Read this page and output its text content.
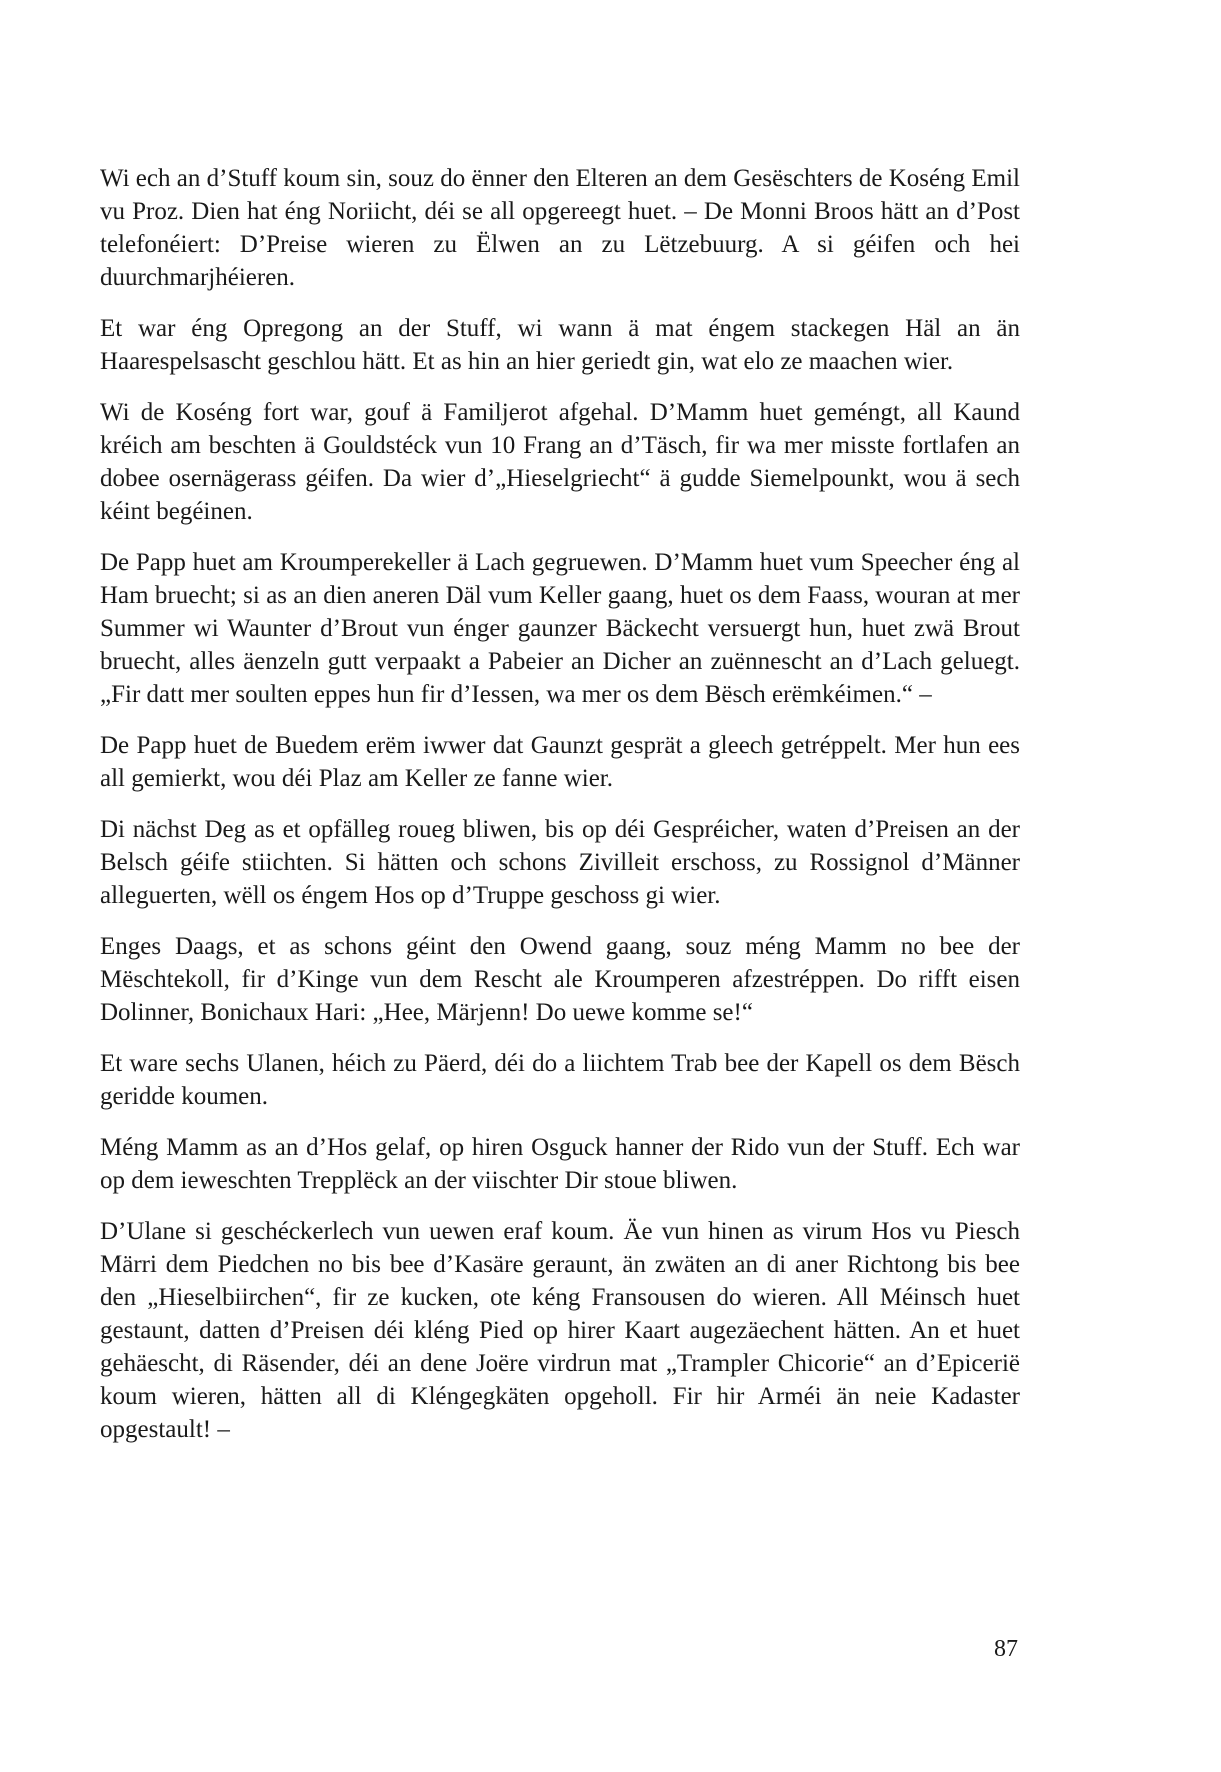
Wi ech an d’Stuff koum sin, souz do ënner den Elteren an dem Gesëschters de Koséng Emil vu Proz. Dien hat éng Noriicht, déi se all opgereegt huet. – De Monni Broos hätt an d’Post telefonéiert: D’Preise wieren zu Ëlwen an zu Lëtzebuurg. A si géifen och hei duurchmarjhéieren.

Et war éng Opregong an der Stuff, wi wann ä mat éngem stackegen Häl an än Haarespelsascht geschlou hätt. Et as hin an hier geriedt gin, wat elo ze maachen wier.

Wi de Koséng fort war, gouf ä Familjerot afgehal. D’Mamm huet geméngt, all Kaund kréich am beschten ä Gouldstéck vun 10 Frang an d’Täsch, fir wa mer misste fortlafen an dobee osernägerass géifen. Da wier d’„Hieselgriecht“ ä gudde Siemelpounkt, wou ä sech kéint begéinen.

De Papp huet am Kroumperekeller ä Lach gegruewen. D’Mamm huet vum Speecher éng al Ham bruecht; si as an dien aneren Däl vum Keller gaang, huet os dem Faass, wouran at mer Summer wi Waunter d’Brout vun énger gaunzer Bäckecht versuergt hun, huet zwä Brout bruecht, alles äenzeln gutt verpaakt a Pabeier an Dicher an zuënnescht an d’Lach geluegt. „Fir datt mer soulten eppes hun fir d’Iessen, wa mer os dem Bësch erëmkéimen.“ –

De Papp huet de Buedem erëm iwwer dat Gaunzt gesprät a gleech getréppelt. Mer hun ees all gemierkt, wou déi Plaz am Keller ze fanne wier.

Di nächst Deg as et opfälleg roueg bliwen, bis op déi Gespréicher, waten d’Preisen an der Belsch géife stiichten. Si hätten och schons Zivilleit erschoss, zu Rossignol d’Männer alleguerten, wëll os éngem Hos op d’Truppe geschoss gi wier.

Enges Daags, et as schons géint den Owend gaang, souz méng Mamm no bee der Mëschtekoll, fir d’Kinge vun dem Rescht ale Kroumperen afzestréppen. Do rifft eisen Dolinner, Bonichaux Hari: „Hee, Märjenn! Do uewe komme se!“

Et ware sechs Ulanen, héich zu Päerd, déi do a liichtem Trab bee der Kapell os dem Bësch geridde koumen.

Méng Mamm as an d’Hos gelaf, op hiren Osguck hanner der Rido vun der Stuff. Ech war op dem ieweschten Trepplëck an der viischter Dir stoue bliwen.

D’Ulane si geschéckerlech vun uewen eraf koum. Äe vun hinen as virum Hos vu Piesch Märri dem Piedchen no bis bee d’Kasäre geraunt, än zwäten an di aner Richtong bis bee den „Hieselbiirchen“, fir ze kucken, ote kéng Fransousen do wieren. All Méinsch huet gestaunt, datten d’Preisen déi kléng Pied op hirer Kaart augezäechent hätten. An et huet gehäescht, di Räsender, déi an dene Joëre virdrun mat „Trampler Chicorie“ an d’Epicerië koum wieren, hätten all di Kléngegkäten opgeholl. Fir hir Arméi än neie Kadaster opgestault! –

87
